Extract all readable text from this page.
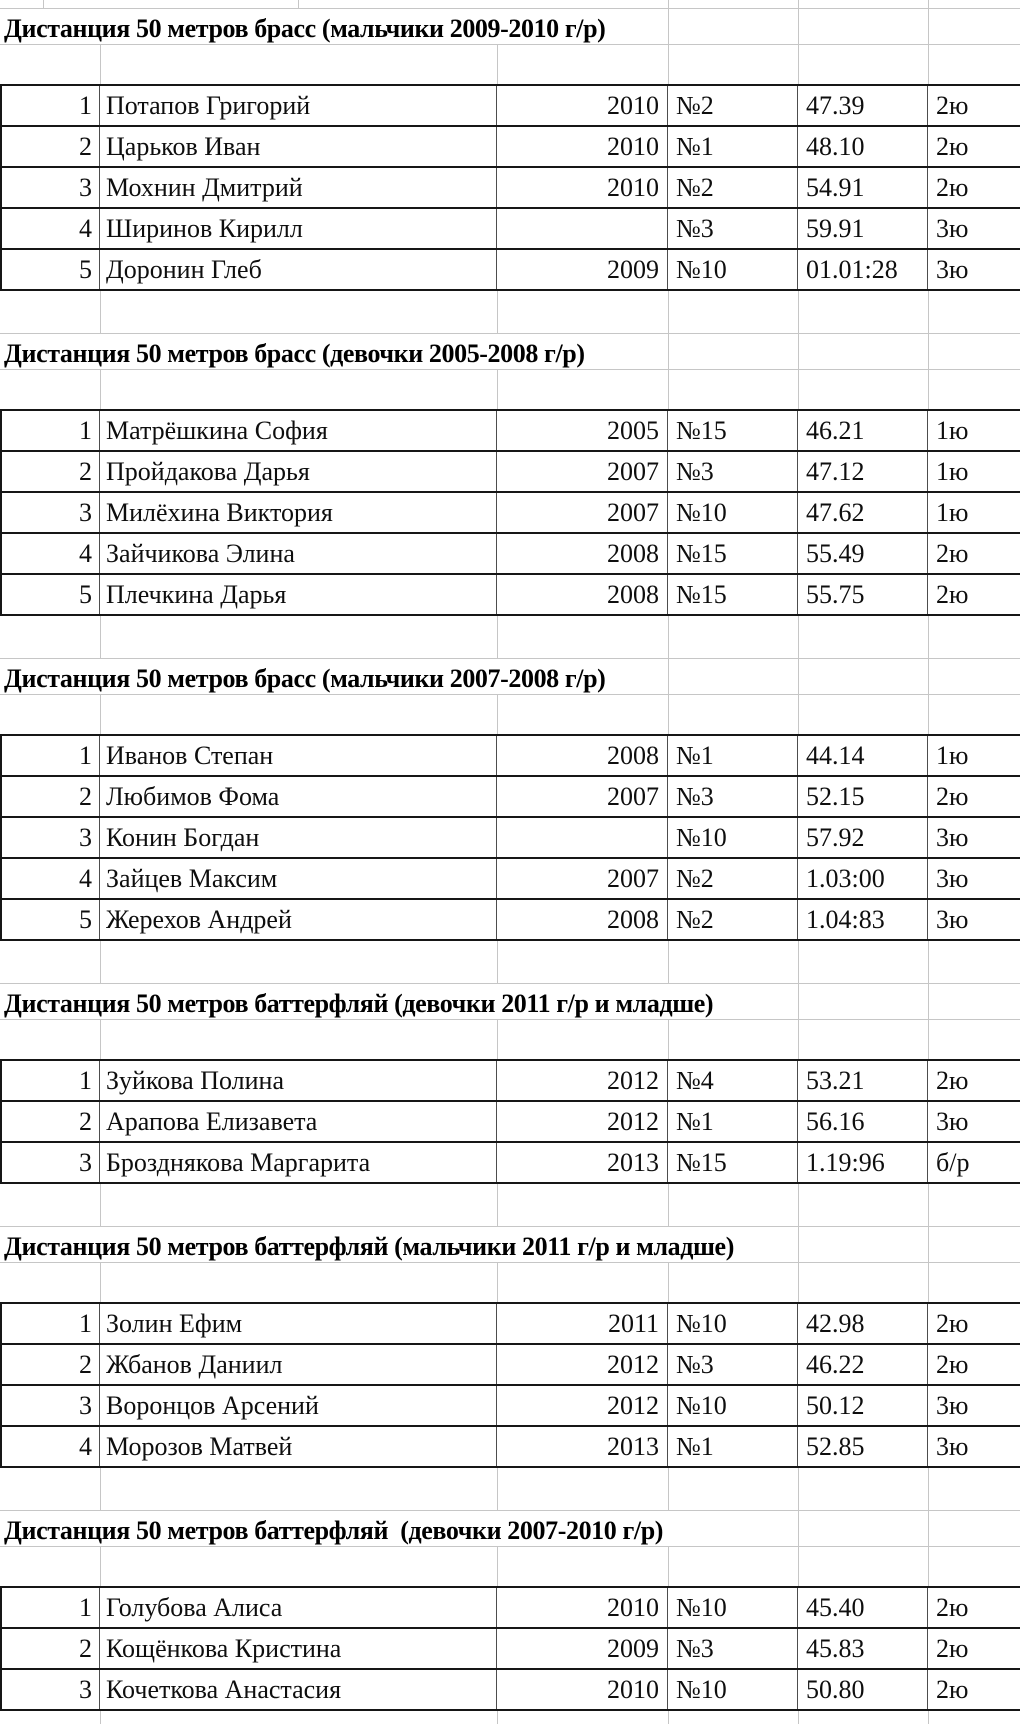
Дистанция 50 метров брасс (мальчики 2009-2010 г/р)
1 Потапов Григорий	2010 №2	47.39	2ю
2 Царьков Иван	2010 №1	48.10	2ю
3 Мохнин Дмитрий	2010 №2	54.91	2ю
4 Ширинов Кирилл	№3	59.91	3ю
5 Доронин Глеб	2009 №10	01.01:28	3ю
Дистанция 50 метров брасс (девочки 2005-2008 г/р)
1 Матрёшкина София	2005 №15	46.21	1ю
2 Пройдакова Дарья	2007 №3	47.12	1ю
3 Милёхина Виктория	2007 №10	47.62	1ю
4 Зайчикова Элина	2008 №15	55.49	2ю
5 Плечкина Дарья	2008 №15	55.75	2ю
Дистанция 50 метров брасс (мальчики 2007-2008 г/р)
1 Иванов Степан	2008 №1	44.14	1ю
2 Любимов Фома	2007 №3	52.15	2ю
3 Конин Богдан	№10	57.92	3ю
4 Зайцев Максим	2007 №2	1.03:00	3ю
5 Жерехов Андрей	2008 №2	1.04:83	3ю
Дистанция 50 метров баттерфляй (девочки 2011 г/р и младше)
1 Зуйкова Полина	2012 №4	53.21	2ю
2 Арапова Елизавета	2012 №1	56.16	3ю
3 Брозднякова Маргарита	2013 №15	1.19:96	б/р
Дистанция 50 метров баттерфляй (мальчики 2011 г/р и младше)
1 Золин Ефим	2011 №10	42.98	2ю
2 Жбанов Даниил	2012 №3	46.22	2ю
3 Воронцов Арсений	2012 №10	50.12	3ю
4 Морозов Матвей	2013 №1	52.85	3ю
Дистанция 50 метров баттерфляй  (девочки 2007-2010 г/р)
1 Голубова Алиса	2010 №10	45.40	2ю
2 Кощёнкова Кристина	2009 №3	45.83	2ю
3 Кочеткова Анастасия	2010 №10	50.80	2ю
